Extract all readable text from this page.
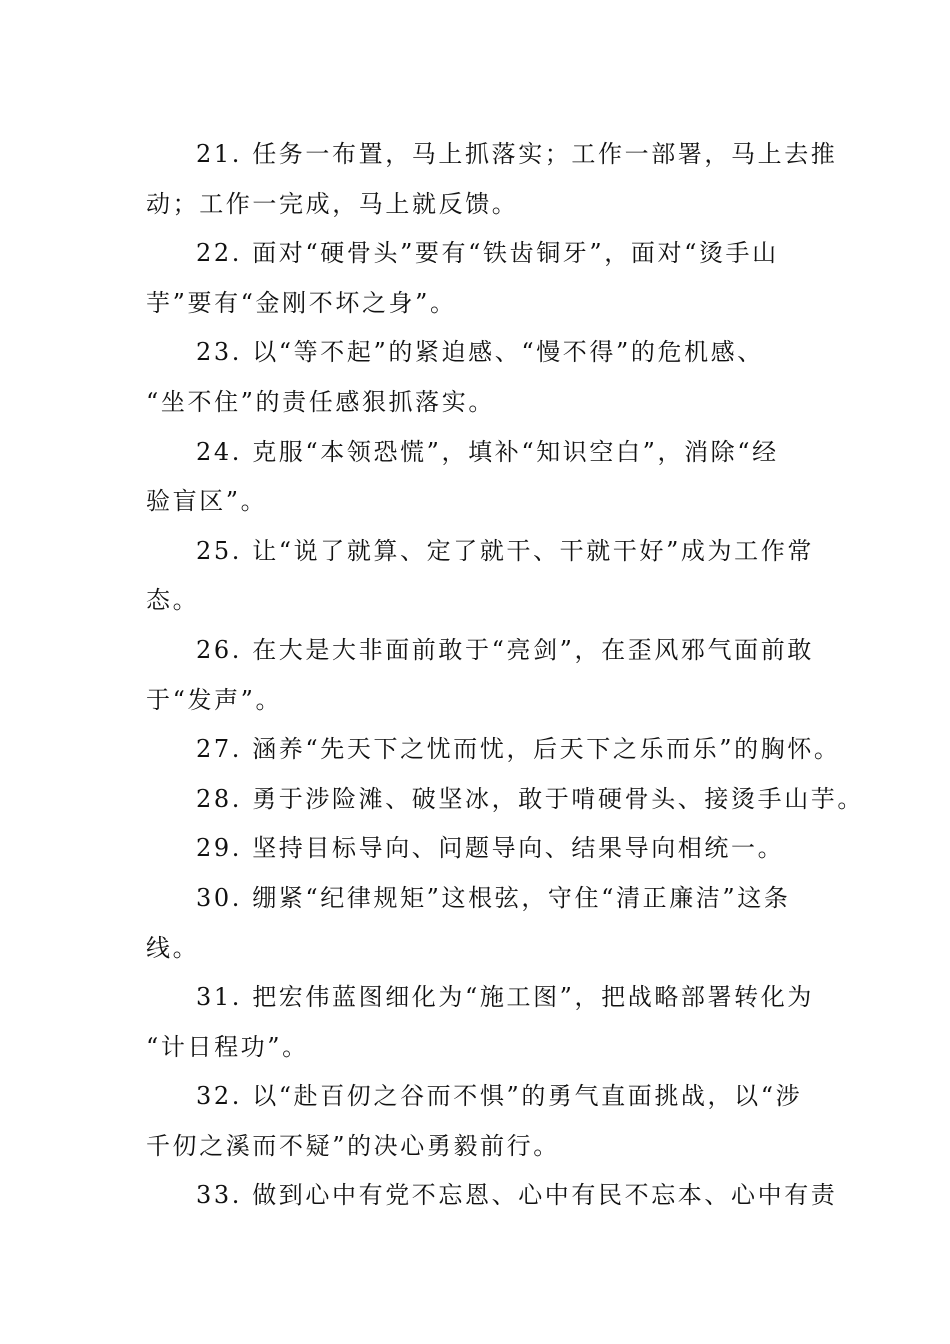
21. 任务一布置，马上抓落实；工作一部署，马上去推
动；工作一完成，马上就反馈。

22. 面对“硬骨头”要有“铁齿铜牙”，面对“烫手山
芋”要有“金刚不坏之身”。

23. 以“等不起”的紧迫感、“慢不得”的危机感、
“坐不住”的责任感狠抓落实。

24. 克服“本领恐慌”，填补“知识空白”，消除“经
验盲区”。

25. 让“说了就算、定了就干、干就干好”成为工作常
态。

26. 在大是大非面前敢于“亮剑”，在歪风邪气面前敢
于“发声”。

27. 涵养“先天下之忧而忧，后天下之乐而乐”的胸怀。

28. 勇于涉险滩、破坚冰，敢于啃硬骨头、接烫手山芋。

29. 坚持目标导向、问题导向、结果导向相统一。

30. 绷紧“纪律规矩”这根弦，守住“清正廉洁”这条
线。

31. 把宏伟蓝图细化为“施工图”，把战略部署转化为
“计日程功”。

32. 以“赴百仞之谷而不惧”的勇气直面挑战，以“涉
千仞之溪而不疑”的决心勇毅前行。

33. 做到心中有党不忘恩、心中有民不忘本、心中有责
